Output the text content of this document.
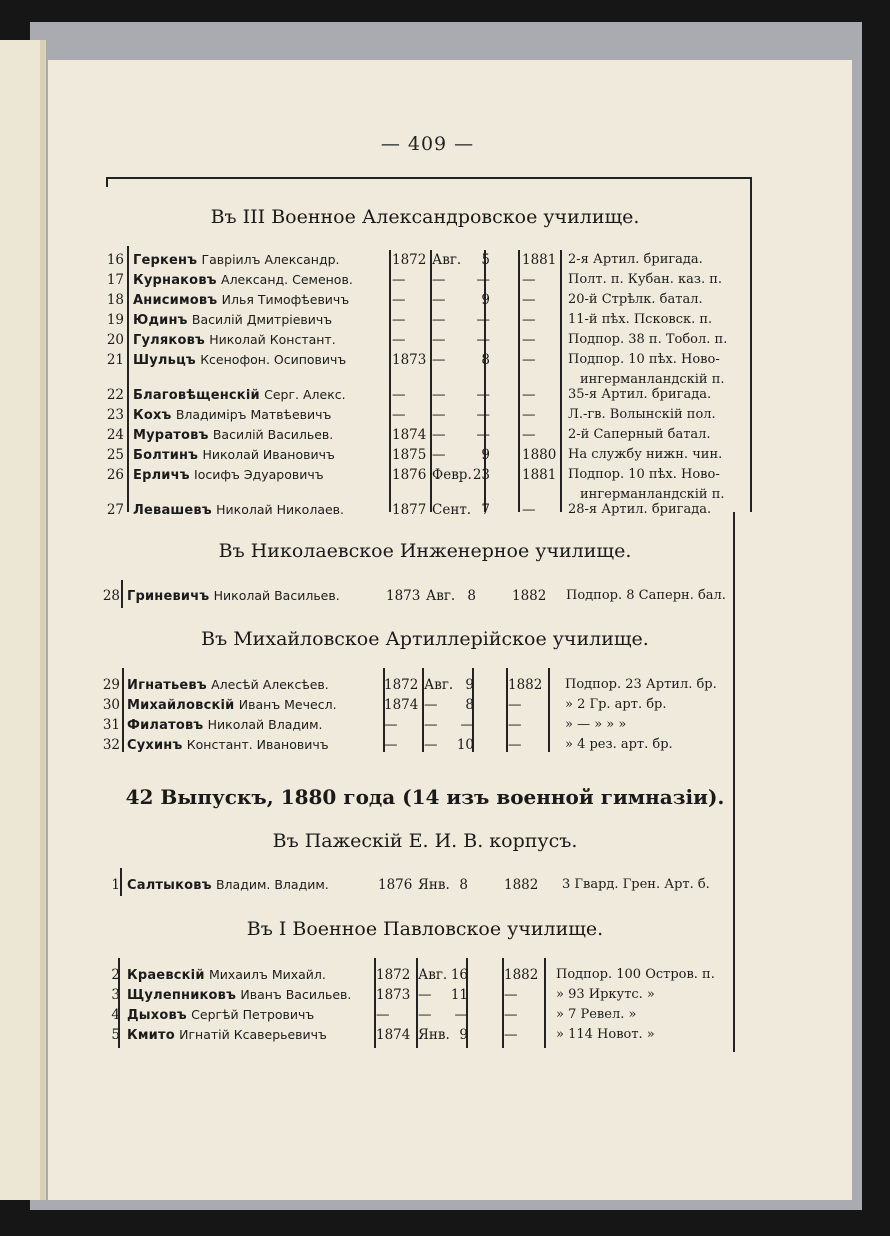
— 409 —
Въ III Военное Александровское училище.
Въ Николаевское Инженерное училище.
Въ Михайловское Артиллерiйское училище.
42 Выпускъ, 1880 года (14 изъ военной гимназiи).
Въ Пажескiй Е. И. В. корпусъ.
Въ I Военное Павловское училище.
16 Геркенъ Гаврiилъ Александр.	1872 Авг.	5 1881 2-я Артил. бригада.
17 Курнаковъ Александ. Семенов.	— —	— —	Полт. п. Кубан. каз. п.
18 Анисимовъ Илья Тимофѣевичъ	— —	9 —	20-й Стрѣлк. батал.
19 Юдинъ Василiй Дмитрiевичъ	— —	— —	11-й пѣх. Псковск. п.
20 Гуляковъ Николай Констант.	— —	— —	Подпор. 38 п. Тобол. п.
21 Шульцъ Ксенофон. Осиповичъ	1873 —	8 —	Подпор. 10 пѣх. Ново-
ингерманландскiй п.
22 Благовѣщенскiй Серг. Алекс.	— —	— —	35-я Артил. бригада.
23 Кохъ Владимiръ Матвѣевичъ	— —	— —	Л.-гв. Волынскiй пол.
24 Муратовъ Василiй Васильев.	1874 —	— —	2-й Саперный батал.
25 Болтинъ Николай Ивановичъ	1875 —	9 1880 На службу нижн. чин.
26 Ерличъ Iосифъ Эдуаровичъ	1876 Февр. 23 1881 Подпор. 10 пѣх. Ново-
ингерманландскiй п.
27 Левашевъ Николай Николаев.	1877 Сент. 7 —	28-я Артил. бригада.
28 Гриневичъ Николай Васильев.	1873 Авг. 8	1882 Подпор. 8 Саперн. бал.
29 Игнатьевъ Алесѣй Алексѣев.	1872 Авг. 9	1882 Подпор. 23 Артил. бр.
30 Михайловскiй Иванъ Мечесл.	1874 —	8	—	» 2 Гр. арт. бр.
31 Филатовъ Николай Владим.	— —	—	—	» — » » »
32 Сухинъ Констант. Ивановичъ	— —	10	—	» 4 рез. арт. бр.
1 Салтыковъ Владим. Владим.	1876 Янв. 8	1882 3 Гвард. Грен. Арт. б.
2 Краевскiй Михаилъ Михайл.	1872 Авг. 16	1882 Подпор. 100 Остров. п.
3 Щулепниковъ Иванъ Васильев. 1873 —	11	—	» 93 Иркутс. »
4 Дыховъ Сергѣй Петровичъ	— —	—	—	» 7 Ревел. »
5 Кмито Игнатiй Ксаверьевичъ	1874 Янв. 9	—	» 114 Новот. »
